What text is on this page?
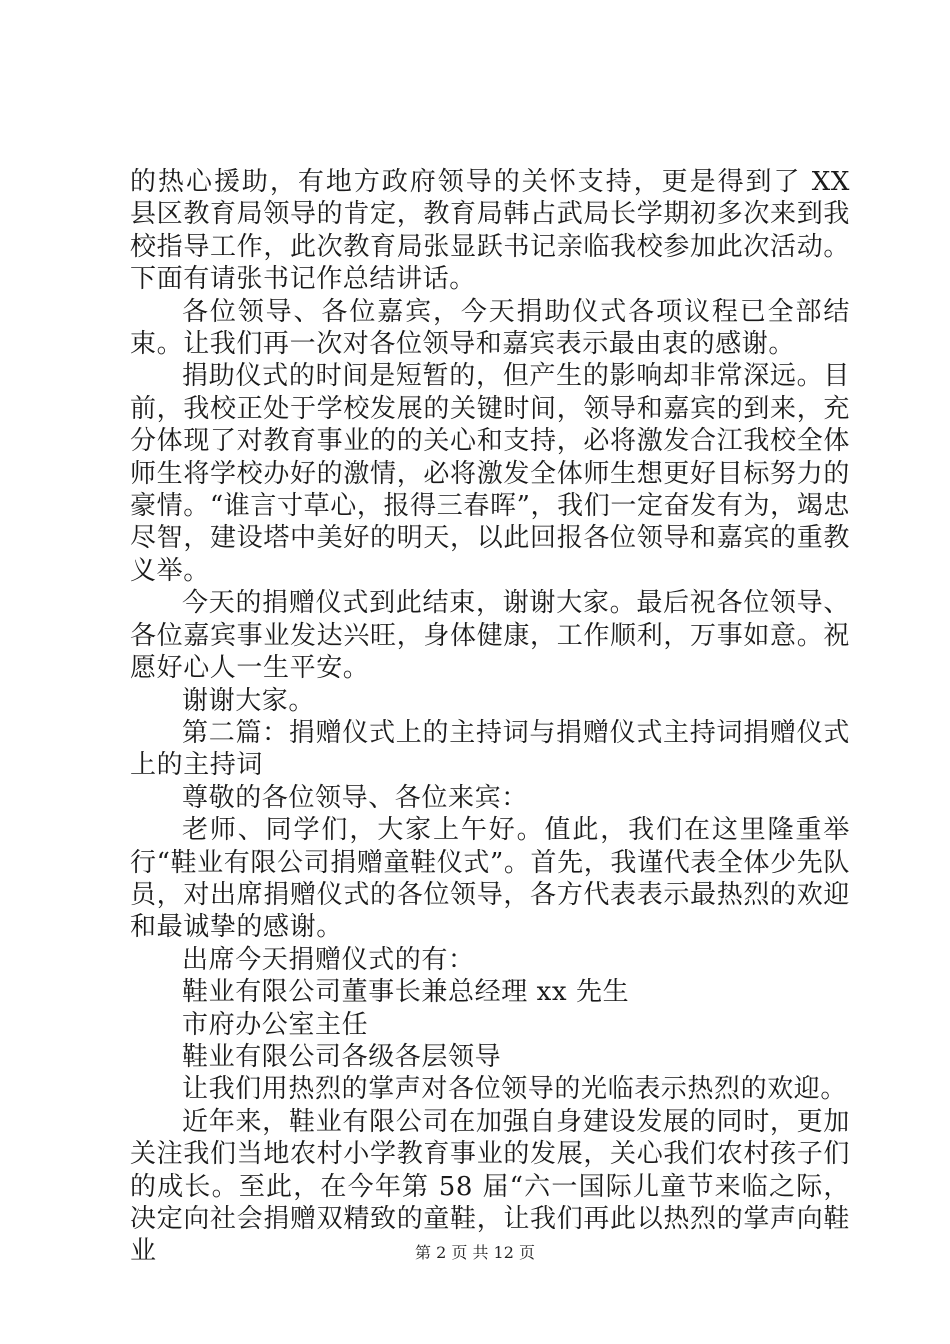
的热心援助，有地方政府领导的关怀支持，更是得到了 XX 县区教育局领导的肯定，教育局韩占武局长学期初多次来到我校指导工作，此次教育局张显跃书记亲临我校参加此次活动。下面有请张书记作总结讲话。

各位领导、各位嘉宾，今天捐助仪式各项议程已全部结束。让我们再一次对各位领导和嘉宾表示最由衷的感谢。

捐助仪式的时间是短暂的，但产生的影响却非常深远。目前，我校正处于学校发展的关键时间，领导和嘉宾的到来，充分体现了对教育事业的的关心和支持，必将激发合江我校全体师生将学校办好的激情，必将激发全体师生想更好目标努力的豪情。“谁言寸草心，报得三春晖”，我们一定奋发有为，竭忠尽智，建设塔中美好的明天，以此回报各位领导和嘉宾的重教义举。

今天的捐赠仪式到此结束，谢谢大家。最后祝各位领导、各位嘉宾事业发达兴旺，身体健康，工作顺利，万事如意。祝愿好心人一生平安。

谢谢大家。

第二篇：捐赠仪式上的主持词与捐赠仪式主持词捐赠仪式上的主持词

尊敬的各位领导、各位来宾：

老师、同学们，大家上午好。值此，我们在这里隆重举行“鞋业有限公司捐赠童鞋仪式”。首先，我谨代表全体少先队员，对出席捐赠仪式的各位领导，各方代表表示最热烈的欢迎和最诚挚的感谢。

出席今天捐赠仪式的有：

鞋业有限公司董事长兼总经理 xx 先生

市府办公室主任

鞋业有限公司各级各层领导

让我们用热烈的掌声对各位领导的光临表示热烈的欢迎。

近年来，鞋业有限公司在加强自身建设发展的同时，更加关注我们当地农村小学教育事业的发展，关心我们农村孩子们的成长。至此，在今年第 58 届“六一国际儿童节来临之际，决定向社会捐赠双精致的童鞋，让我们再此以热烈的掌声向鞋业	第 2 页 共 12 页
